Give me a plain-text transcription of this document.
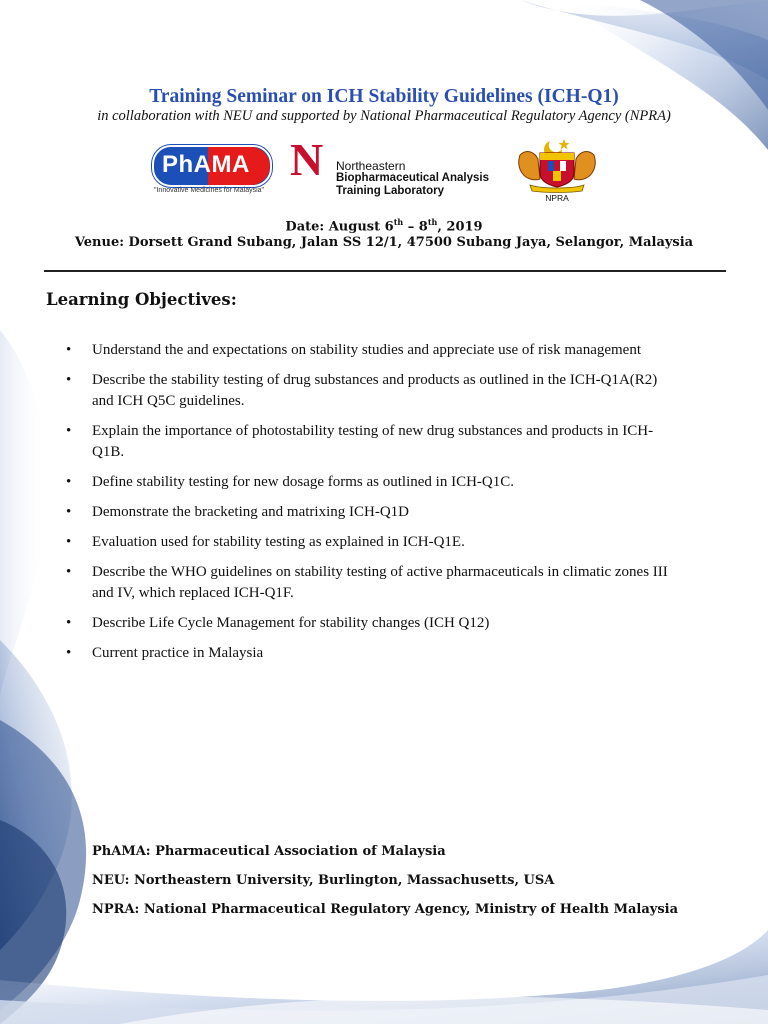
Training Seminar on ICH Stability Guidelines (ICH-Q1)
in collaboration with NEU and supported by National Pharmaceutical Regulatory Agency (NPRA)
PhAMA
"Innovative Medicines for Malaysia"
N Northeastern
Biopharmaceutical Analysis
Training Laboratory
NPRA
Date: August 6th – 8th, 2019
Venue: Dorsett Grand Subang, Jalan SS 12/1, 47500 Subang Jaya, Selangor, Malaysia
Learning Objectives:
• Understand the and expectations on stability studies and appreciate use of risk management
• Describe the stability testing of drug substances and products as outlined in the ICH-Q1A(R2) and ICH Q5C guidelines.
• Explain the importance of photostability testing of new drug substances and products in ICH-Q1B.
• Define stability testing for new dosage forms as outlined in ICH-Q1C.
• Demonstrate the bracketing and matrixing ICH-Q1D
• Evaluation used for stability testing as explained in ICH-Q1E.
• Describe the WHO guidelines on stability testing of active pharmaceuticals in climatic zones III and IV, which replaced ICH-Q1F.
• Describe Life Cycle Management for stability changes (ICH Q12)
• Current practice in Malaysia
PhAMA: Pharmaceutical Association of Malaysia
NEU: Northeastern University, Burlington, Massachusetts, USA
NPRA: National Pharmaceutical Regulatory Agency, Ministry of Health Malaysia
